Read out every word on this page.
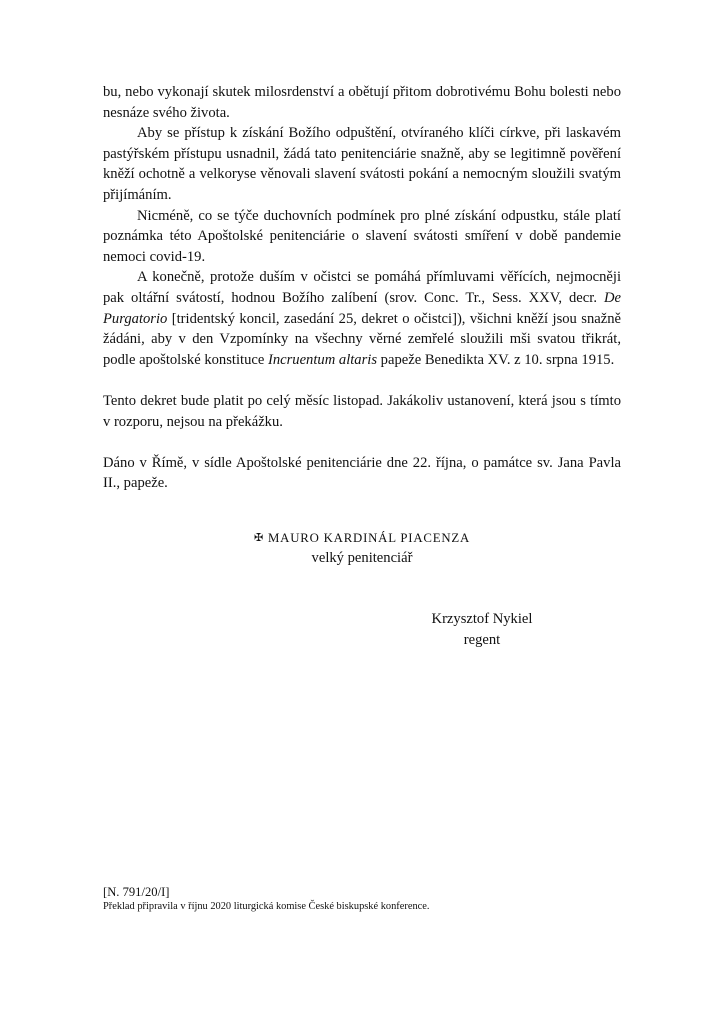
bu, nebo vykonají skutek milosrdenství a obětují přitom dobrotivému Bohu bolesti nebo nesnáze svého života.

Aby se přístup k získání Božího odpuštění, otvíraného klíči církve, při laskavém pastýřském přístupu usnadnil, žádá tato penitenciárie snažně, aby se legitimně pověření kněží ochotně a velkoryse věnovali slavení svátosti pokání a nemocným sloužili svatým přijímáním.

Nicméně, co se týče duchovních podmínek pro plné získání odpustku, stále platí poznámka této Apoštolské penitenciárie o slavení svátosti smíření v době pandemie nemoci covid-19.

A konečně, protože duším v očistci se pomáhá přímluvami věřících, nejmocněji pak oltářní svátostí, hodnou Božího zalíbení (srov. Conc. Tr., Sess. XXV, decr. De Purgatorio [tridentský koncil, zasedání 25, dekret o očistci]), všichni kněží jsou snažně žádáni, aby v den Vzpomínky na všechny věrné zemřelé sloužili mši svatou třikrát, podle apoštolské konstituce Incruentum altaris papeže Benedikta XV. z 10. srpna 1915.

Tento dekret bude platit po celý měsíc listopad. Jakákoliv ustanovení, která jsou s tímto v rozporu, nejsou na překážku.

Dáno v Římě, v sídle Apoštolské penitenciárie dne 22. října, o památce sv. Jana Pavla II., papeže.

✠ MAURO KARDINÁL PIACENZA
velký penitenciář
Krzysztof Nykiel
regent
[N. 791/20/I]
Překlad připravila v říjnu 2020 liturgická komise České biskupské konference.
